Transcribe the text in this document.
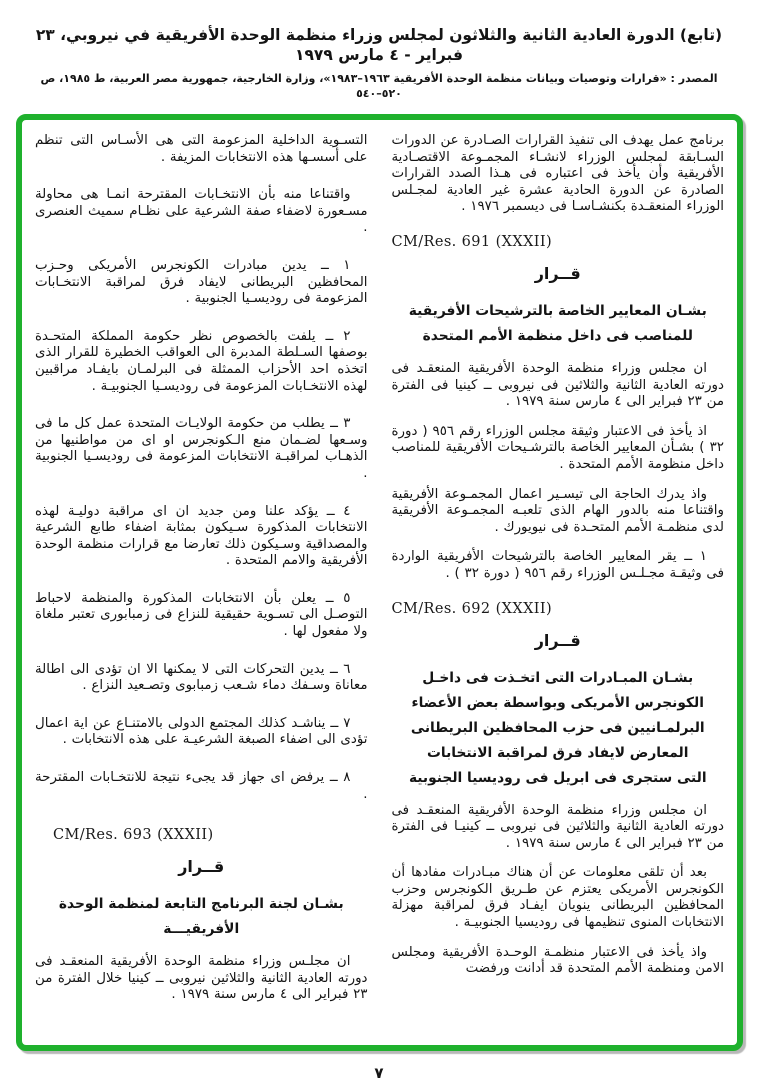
(تابع) الدورة العادية الثانية والثلاثون لمجلس وزراء منظمة الوحدة الأفريقية في نيروبي، ٢٣ فبراير - ٤ مارس ١٩٧٩
المصدر : «قرارات وتوصيات وبيانات منظمة الوحدة الأفريقية ١٩٦٣–١٩٨٣»، وزارة الخارجية، جمهورية مصر العربية، ط ١٩٨٥، ص ٥٢٠–٥٤٠

برنامج عمل يهدف الى تنفيذ القرارات الصـادرة عن الدورات السـابقة لمجلس الوزراء لانشـاء المجمـوعة الاقتصـادية الأفريقية وأن يأخذ فى اعتباره فى هـذا الصدد القرارات الصادرة عن الدورة الحادية عشرة غير العادية لمجـلس الوزراء المنعقـدة بكنشـاسـا فى ديسمبر ١٩٧٦ .

CM/Res. 691 (XXXII)
قــرار
بشـان المعايير الخاصة بالترشيحات الأفريقية
للمناصب فى داخل منظمة الأمم المتحدة

ان مجلس وزراء منظمة الوحدة الأفريقية المنعقـد فى دورته العادية الثانية والثلاثين فى نيروبى ــ كينيا فى الفترة من ٢٣ فبراير الى ٤ مارس سنة ١٩٧٩ .

اذ يأخذ فى الاعتبار وثيقة مجلس الوزراء رقم ٩٥٦ ( دورة ٣٢ ) بشـأن المعايير الخاصة بالترشـيحات الأفريقية للمناصب داخل منظومة الأمم المتحدة .

واذ يدرك الحاجة الى تيسـير اعمال المجمـوعة الأفريقية واقتناعا منه بالدور الهام الذى تلعبـه المجمـوعة الأفريقية لدى منظمـة الأمم المتحـدة فى نيويورك .

١ ــ يقر المعايير الخاصة بالترشيحات الأفريقية الواردة فى وثيقـة مجـلـس الوزراء رقم ٩٥٦ ( دورة ٣٢ ) .

CM/Res. 692 (XXXII)
قــرار
بشـان المبـادرات التى اتخـذت فى داخـل
الكونجرس الأمريكى وبواسطة بعض الأعضاء
البرلمـانيين فى حزب المحافظين البريطانى
المعارض لايفاد فرق لمراقبة الانتخابات
التى ستجرى فى ابريل فى روديسيا الجنوبية

ان مجلس وزراء منظمة الوحدة الأفريقية المنعقـد فى دورته العادية الثانية والثلاثين فى نيروبى ــ كينيـا فى الفترة من ٢٣ فبراير الى ٤ مارس سنة ١٩٧٩ .

بعد أن تلقى معلومات عن أن هناك مبـادرات مفادها أن الكونجرس الأمريكى يعتزم عن طـريق الكونجرس وحزب المحافظين البريطانى ينويان ايفـاد فرق لمراقبة مهزلة الانتخابات المنوى تنظيمها فى روديسيا الجنوبيـة .

واذ يأخذ فى الاعتبار منظمـة الوحـدة الأفريقية ومجلس الامن ومنظمة الأمم المتحدة قد أدانت ورفضت

التسـوية الداخلية المزعومة التى هى الأسـاس التى تنظم على أسسـها هذه الانتخابات المزيفة .

واقتناعا منه بأن الانتخـابات المقترحة انمـا هى محاولة مسـعورة لاضفاء صفة الشرعية على نظـام سميث العنصرى .

١ ــ يدين مبادرات الكونجرس الأمريكى وحـزب المحافظين البريطانى لايفاد فرق لمراقبة الانتخـابات المزعومة فى روديسـيا الجنوبية .

٢ ــ يلفت بالخصوص نظر حكومة المملكة المتحـدة بوصفها السـلطة المدبرة الى العواقب الخطيرة للقرار الذى اتخذه احد الأحزاب الممثلة فى البرلمـان بايفـاد مراقبين لهذه الانتخـابات المزعومة فى روديسـيا الجنوبيـة .

٣ ــ يطلب من حكومة الولايـات المتحدة عمل كل ما فى وسـعها لضـمان منع الـكونجرس او اى من مواطنيها من الذهـاب لمراقبـة الانتخابات المزعومة فى روديسـيا الجنوبية .

٤ ــ يؤكد علنا ومن جديد ان اى مراقبة دوليـة لهذه الانتخابات المذكورة سـيكون بمثابة اضفاء طابع الشرعية والمصداقية وسـيكون ذلك تعارضا مع قرارات منظمة الوحدة الأفريقية والامم المتحدة .

٥ ــ يعلن بأن الانتخابات المذكورة والمنظمة لاحباط التوصـل الى تسـوية حقيقية للنزاع فى زمبابورى تعتبر ملغاة ولا مفعول لها .

٦ ــ يدين التحركات التى لا يمكنها الا ان تؤدى الى اطالة معاناة وسـفك دماء شـعب زمبابوى وتصـعيد النزاع .

٧ ــ يناشـد كذلك المجتمع الدولى بالامتنـاع عن اية اعمال تؤدى الى اضفاء الصبغة الشرعيـة على هذه الانتخابات .

٨ ــ يرفض اى جهاز قد يجىء نتيجة للانتخـابات المقترحة .

CM/Res. 693 (XXXII)
قــرار
بشـان لجنة البرنامج التابعة لمنظمة الوحدة
الأفريقيـــة

ان مجلـس وزراء منظمة الوحدة الأفريقية المنعقـد فى دورته العادية الثانية والثلاثين نيروبى ــ كينيا خلال الفترة من ٢٣ فبراير الى ٤ مارس سنة ١٩٧٩ .

٧
